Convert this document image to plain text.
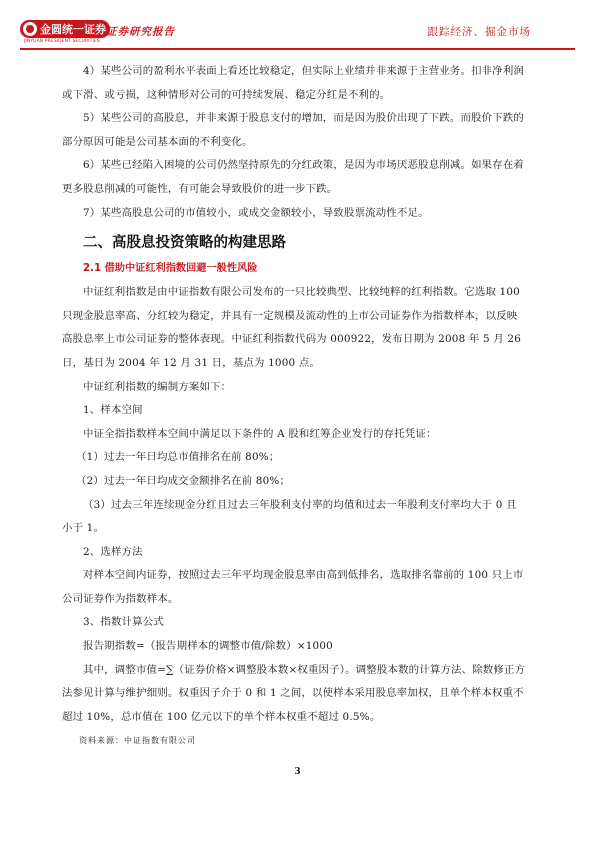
金圆统一证券
JINYUAN PRESIDENT SECURITIES
证券研究报告	跟踪经济、掘金市场

4）某些公司的盈利水平表面上看还比较稳定，但实际上业绩并非来源于主营业务。扣非净利润或下滑、或亏损，这种情形对公司的可持续发展、稳定分红是不利的。

5）某些公司的高股息，并非来源于股息支付的增加，而是因为股价出现了下跌。而股价下跌的部分原因可能是公司基本面的不利变化。

6）某些已经陷入困境的公司仍然坚持原先的分红政策，是因为市场厌恶股息削减。如果存在着更多股息削减的可能性，有可能会导致股价的进一步下跌。

7）某些高股息公司的市值较小，或成交金额较小，导致股票流动性不足。

二、高股息投资策略的构建思路
2.1 借助中证红利指数回避一般性风险

中证红利指数是由中证指数有限公司发布的一只比较典型、比较纯粹的红利指数。它选取 100 只现金股息率高、分红较为稳定，并具有一定规模及流动性的上市公司证券作为指数样本，以反映高股息率上市公司证券的整体表现。中证红利指数代码为 000922，发布日期为 2008 年 5 月 26 日，基日为 2004 年 12 月 31 日，基点为 1000 点。

中证红利指数的编制方案如下：

1、样本空间

中证全指指数样本空间中满足以下条件的 A 股和红筹企业发行的存托凭证：

（1）过去一年日均总市值排名在前 80%；

（2）过去一年日均成交金额排名在前 80%；

（3）过去三年连续现金分红且过去三年股利支付率的均值和过去一年股利支付率均大于 0 且小于 1。

2、选样方法

对样本空间内证券，按照过去三年平均现金股息率由高到低排名，选取排名靠前的 100 只上市公司证券作为指数样本。

3、指数计算公式

报告期指数=（报告期样本的调整市值/除数）×1000

其中，调整市值=∑（证券价格×调整股本数×权重因子）。调整股本数的计算方法、除数修正方法参见计算与维护细则。权重因子介于 0 和 1 之间，以使样本采用股息率加权，且单个样本权重不超过 10%，总市值在 100 亿元以下的单个样本权重不超过 0.5%。

资料来源：中证指数有限公司

3
